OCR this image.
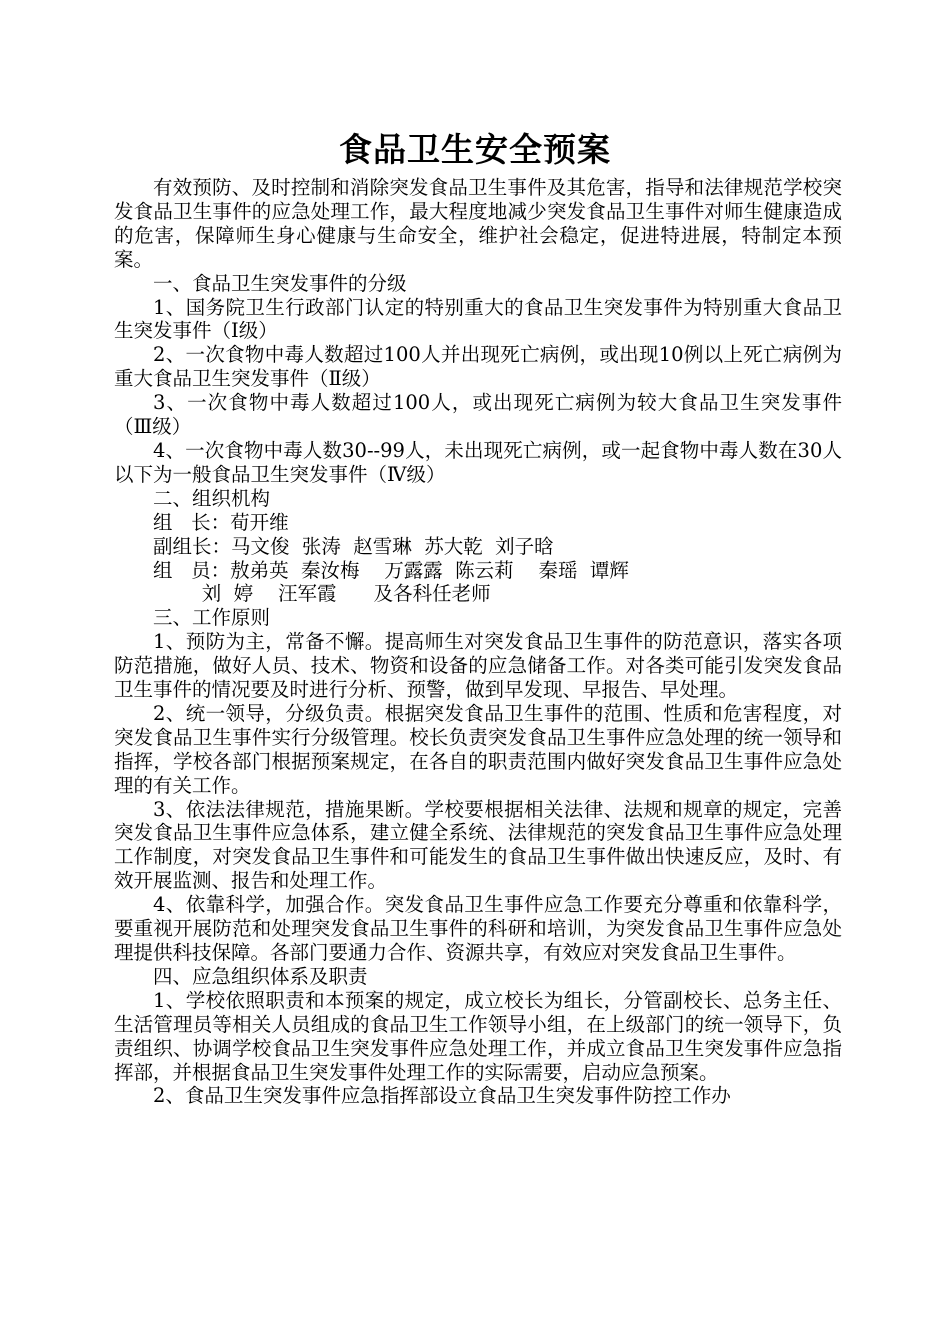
食品卫生安全预案

有效预防、及时控制和消除突发食品卫生事件及其危害，指导和法律规范学校突发食品卫生事件的应急处理工作，最大程度地减少突发食品卫生事件对师生健康造成的危害，保障师生身心健康与生命安全，维护社会稳定，促进特进展，特制定本预案。

一、食品卫生突发事件的分级

1、国务院卫生行政部门认定的特别重大的食品卫生突发事件为特别重大食品卫生突发事件（Ⅰ级）

2、一次食物中毒人数超过100人并出现死亡病例，或出现10例以上死亡病例为重大食品卫生突发事件（Ⅱ级）

3、一次食物中毒人数超过100人，或出现死亡病例为较大食品卫生突发事件（Ⅲ级）

4、一次食物中毒人数30--99人，未出现死亡病例，或一起食物中毒人数在30人以下为一般食品卫生突发事件（Ⅳ级）

二、组织机构

组   长：荀开维

副组长：马文俊  张涛  赵雪琳  苏大乾  刘子晗

组   员：敖弟英  秦汝梅    万露露  陈云莉    秦瑶  谭辉

刘  婷    汪军霞      及各科任老师

三、工作原则

1、预防为主，常备不懈。提高师生对突发食品卫生事件的防范意识，落实各项防范措施，做好人员、技术、物资和设备的应急储备工作。对各类可能引发突发食品卫生事件的情况要及时进行分析、预警，做到早发现、早报告、早处理。

2、统一领导，分级负责。根据突发食品卫生事件的范围、性质和危害程度，对突发食品卫生事件实行分级管理。校长负责突发食品卫生事件应急处理的统一领导和指挥，学校各部门根据预案规定，在各自的职责范围内做好突发食品卫生事件应急处理的有关工作。

3、依法法律规范，措施果断。学校要根据相关法律、法规和规章的规定，完善突发食品卫生事件应急体系，建立健全系统、法律规范的突发食品卫生事件应急处理工作制度，对突发食品卫生事件和可能发生的食品卫生事件做出快速反应，及时、有效开展监测、报告和处理工作。

4、依靠科学，加强合作。突发食品卫生事件应急工作要充分尊重和依靠科学，要重视开展防范和处理突发食品卫生事件的科研和培训，为突发食品卫生事件应急处理提供科技保障。各部门要通力合作、资源共享，有效应对突发食品卫生事件。

四、应急组织体系及职责

1、学校依照职责和本预案的规定，成立校长为组长，分管副校长、总务主任、生活管理员等相关人员组成的食品卫生工作领导小组，在上级部门的统一领导下，负责组织、协调学校食品卫生突发事件应急处理工作，并成立食品卫生突发事件应急指挥部，并根据食品卫生突发事件处理工作的实际需要，启动应急预案。

2、食品卫生突发事件应急指挥部设立食品卫生突发事件防控工作办
